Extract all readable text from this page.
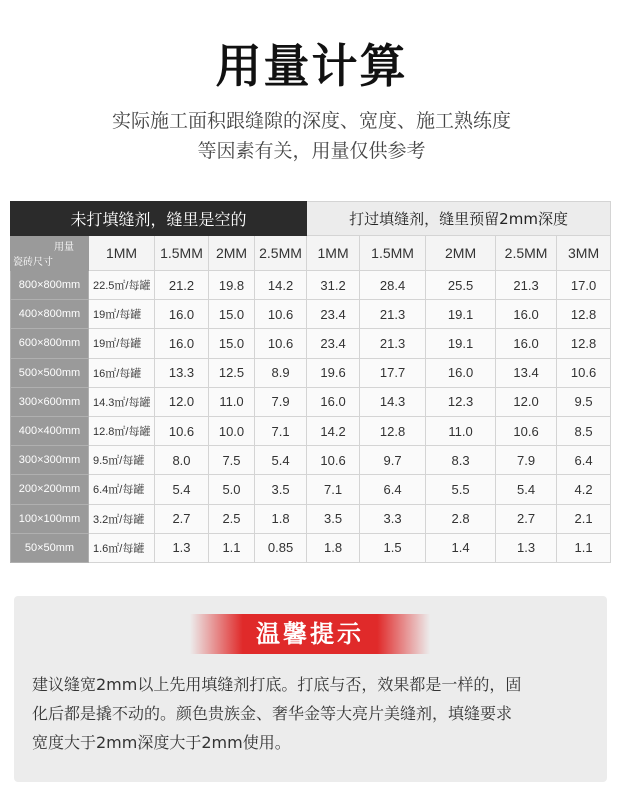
用量计算
实际施工面积跟缝隙的深度、宽度、施工熟练度
等因素有关，用量仅供参考
未打填缝剂，缝里是空的					打过填缝剂，缝里预留2mm深度				

用量
瓷砖尺寸	1MM	1.5MM	2MM	2.5MM	1MM	1.5MM	2MM	2.5MM	3MM
800×800mm	22.5㎡/每罐	21.2	19.8	14.2	31.2	28.4	25.5	21.3	17.0
400×800mm	19㎡/每罐	16.0	15.0	10.6	23.4	21.3	19.1	16.0	12.8
600×800mm	19㎡/每罐	16.0	15.0	10.6	23.4	21.3	19.1	16.0	12.8
500×500mm	16㎡/每罐	13.3	12.5	8.9	19.6	17.7	16.0	13.4	10.6
300×600mm	14.3㎡/每罐	12.0	11.0	7.9	16.0	14.3	12.3	12.0	9.5
400×400mm	12.8㎡/每罐	10.6	10.0	7.1	14.2	12.8	11.0	10.6	8.5
300×300mm	9.5㎡/每罐	8.0	7.5	5.4	10.6	9.7	8.3	7.9	6.4
200×200mm	6.4㎡/每罐	5.4	5.0	3.5	7.1	6.4	5.5	5.4	4.2
100×100mm	3.2㎡/每罐	2.7	2.5	1.8	3.5	3.3	2.8	2.7	2.1
50×50mm	1.6㎡/每罐	1.3	1.1	0.85	1.8	1.5	1.4	1.3	1.1
温馨提示
建议缝宽2mm以上先用填缝剂打底。打底与否，效果都是一样的，固
化后都是撬不动的。颜色贵族金、奢华金等大亮片美缝剂，填缝要求
宽度大于2mm深度大于2mm使用。
